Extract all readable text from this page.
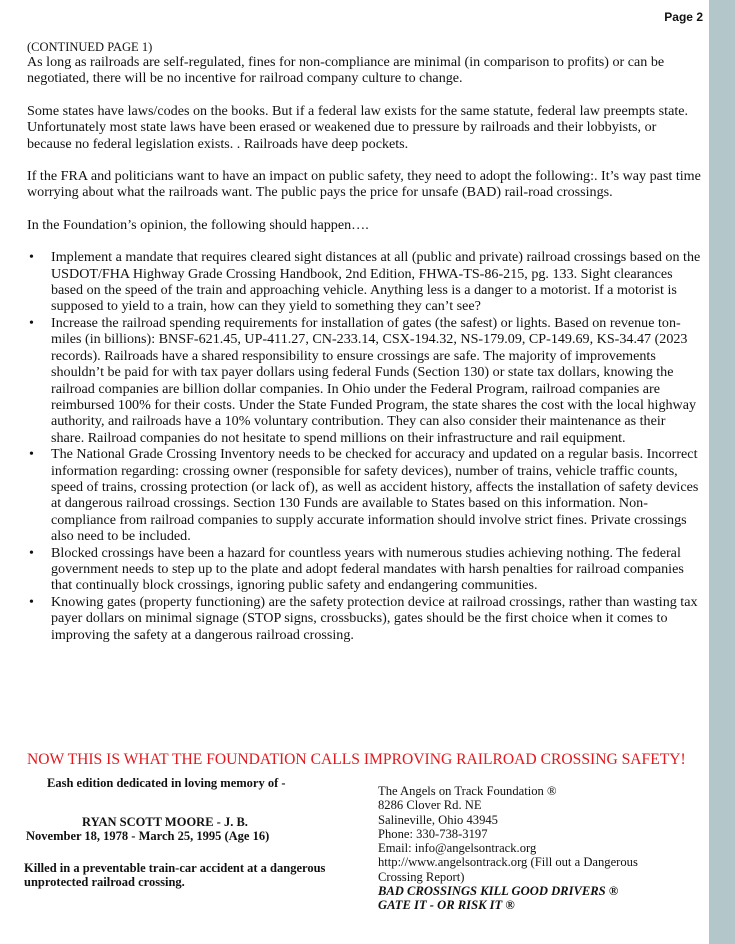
Page 2
(CONTINUED PAGE 1)

As long as railroads are self-regulated, fines for non-compliance are minimal (in comparison to profits) or can be negotiated, there will be no incentive for railroad company culture to change.

Some states have laws/codes on the books. But if a federal law exists for the same statute, federal law preempts state. Unfortunately most state laws have been erased or weakened due to pressure by railroads and their lobbyists, or because no federal legislation exists. . Railroads have deep pockets.

If the FRA and politicians want to have an impact on public safety, they need to adopt the following:. It’s way past time worrying about what the railroads want. The public pays the price for unsafe (BAD) rail-road crossings.

In the Foundation’s opinion, the following should happen….

• Implement a mandate that requires cleared sight distances at all (public and private) railroad crossings based on the USDOT/FHA Highway Grade Crossing Handbook, 2nd Edition, FHWA-TS-86-215, pg. 133. Sight clearances based on the speed of the train and approaching vehicle. Anything less is a danger to a motorist. If a motorist is supposed to yield to a train, how can they yield to something they can’t see?
• Increase the railroad spending requirements for installation of gates (the safest) or lights. Based on revenue ton-miles (in billions): BNSF-621.45, UP-411.27, CN-233.14, CSX-194.32, NS-179.09, CP-149.69, KS-34.47 (2023 records). Railroads have a shared responsibility to ensure crossings are safe. The majority of improvements shouldn’t be paid for with tax payer dollars using federal Funds (Section 130) or state tax dollars, knowing the railroad companies are billion dollar companies. In Ohio under the Federal Program, railroad companies are reimbursed 100% for their costs. Under the State Funded Program, the state shares the cost with the local highway authority, and railroads have a 10% voluntary contribution. They can also consider their maintenance as their share. Railroad companies do not hesitate to spend millions on their infrastructure and rail equipment.
• The National Grade Crossing Inventory needs to be checked for accuracy and updated on a regular basis. Incorrect information regarding: crossing owner (responsible for safety devices), number of trains, vehicle traffic counts, speed of trains, crossing protection (or lack of), as well as accident history, affects the installation of safety devices at dangerous railroad crossings. Section 130 Funds are available to States based on this information. Non-compliance from railroad companies to supply accurate information should involve strict fines. Private crossings also need to be included.
• Blocked crossings have been a hazard for countless years with numerous studies achieving nothing. The federal government needs to step up to the plate and adopt federal mandates with harsh penalties for railroad companies that continually block crossings, ignoring public safety and endangering communities.
• Knowing gates (property functioning) are the safety protection device at railroad crossings, rather than wasting tax payer dollars on minimal signage (STOP signs, crossbucks), gates should be the first choice when it comes to improving the safety at a dangerous railroad crossing.
NOW THIS IS WHAT THE FOUNDATION CALLS IMPROVING RAILROAD CROSSING SAFETY!
Eash edition dedicated in loving memory of -
RYAN SCOTT MOORE - J. B.
November 18, 1978 - March 25, 1995 (Age 16)
Killed in a preventable train-car accident at a dangerous unprotected railroad crossing.
The Angels on Track Foundation ®
8286 Clover Rd. NE
Salineville, Ohio 43945
Phone: 330-738-3197
Email: info@angelsontrack.org
http://www.angelsontrack.org (Fill out a Dangerous Crossing Report)
BAD CROSSINGS KILL GOOD DRIVERS ®
GATE IT - OR RISK IT ®
